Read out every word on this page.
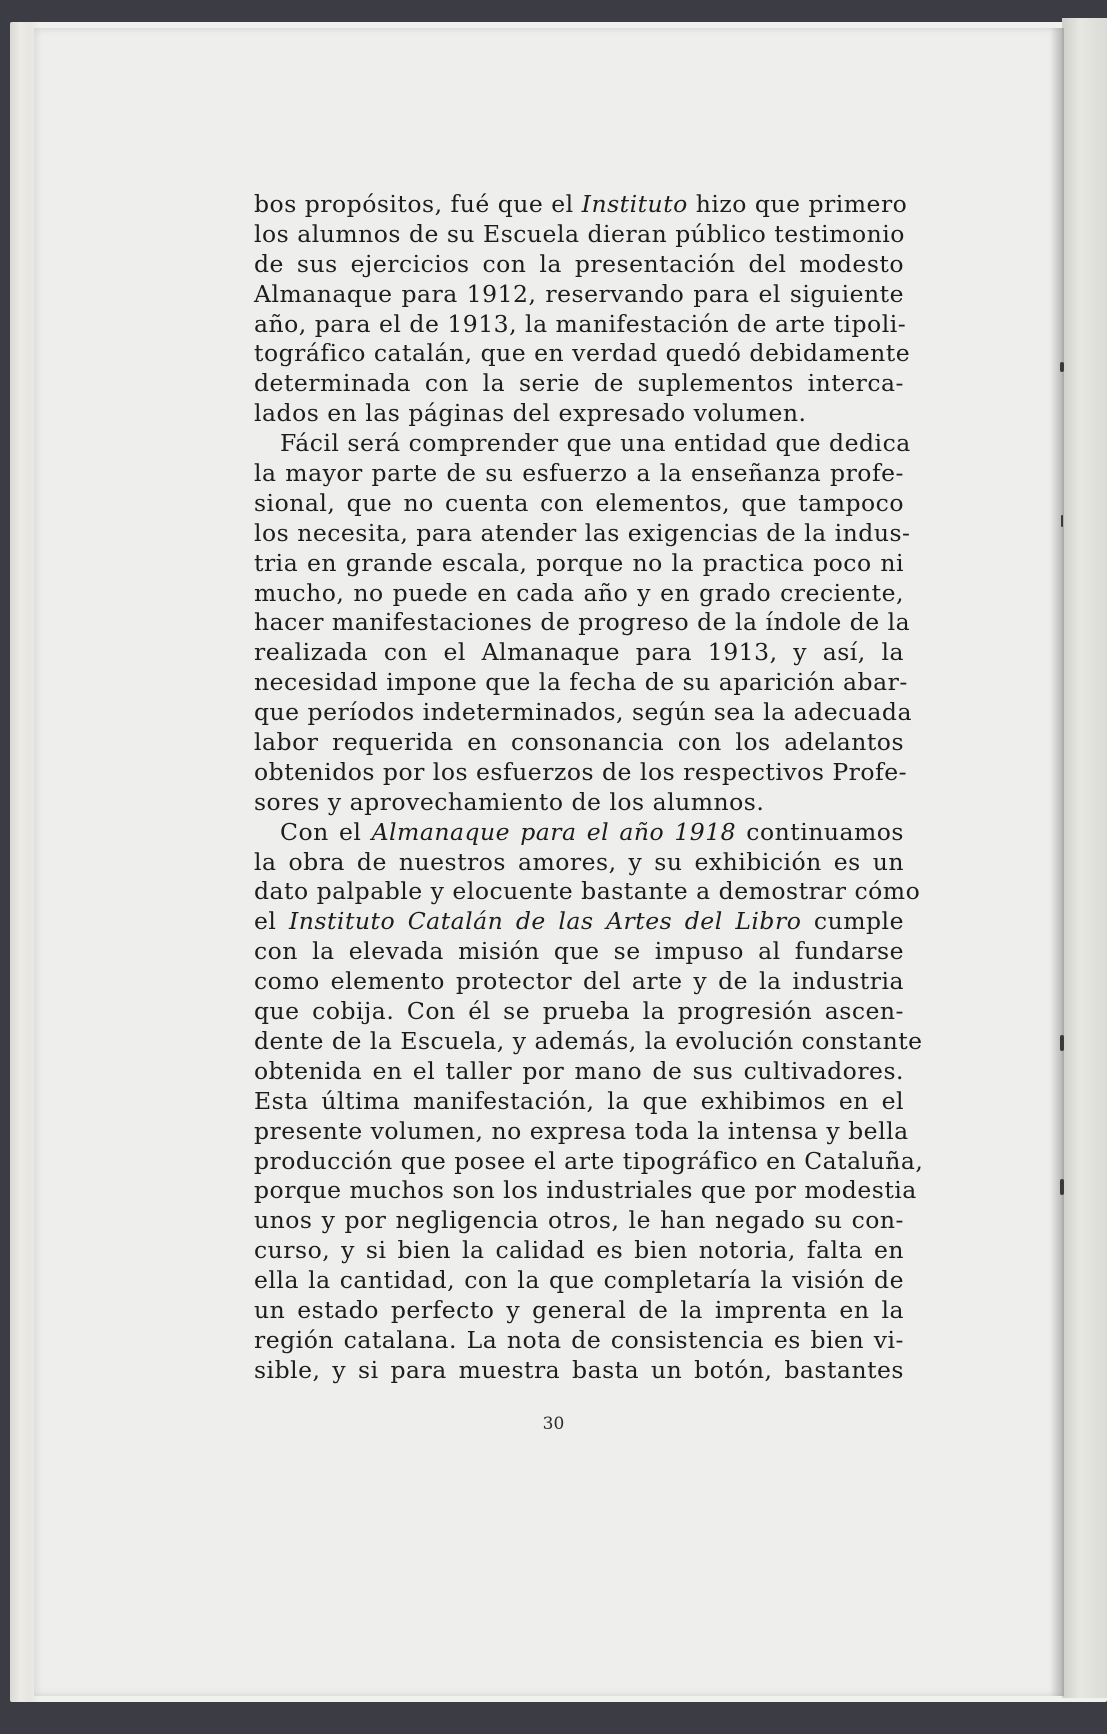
bos propósitos, fué que el Instituto hizo que primero
los alumnos de su Escuela dieran público testimonio
de sus ejercicios con la presentación del modesto
Almanaque para 1912, reservando para el siguiente
año, para el de 1913, la manifestación de arte tipoli-
tográfico catalán, que en verdad quedó debidamente
determinada con la serie de suplementos interca-
lados en las páginas del expresado volumen.
Fácil será comprender que una entidad que dedica
la mayor parte de su esfuerzo a la enseñanza profe-
sional, que no cuenta con elementos, que tampoco
los necesita, para atender las exigencias de la indus-
tria en grande escala, porque no la practica poco ni
mucho, no puede en cada año y en grado creciente,
hacer manifestaciones de progreso de la índole de la
realizada con el Almanaque para 1913, y así, la
necesidad impone que la fecha de su aparición abar-
que períodos indeterminados, según sea la adecuada
labor requerida en consonancia con los adelantos
obtenidos por los esfuerzos de los respectivos Profe-
sores y aprovechamiento de los alumnos.
Con el Almanaque para el año 1918 continuamos
la obra de nuestros amores, y su exhibición es un
dato palpable y elocuente bastante a demostrar cómo
el Instituto Catalán de las Artes del Libro cumple
con la elevada misión que se impuso al fundarse
como elemento protector del arte y de la industria
que cobija. Con él se prueba la progresión ascen-
dente de la Escuela, y además, la evolución constante
obtenida en el taller por mano de sus cultivadores.
Esta última manifestación, la que exhibimos en el
presente volumen, no expresa toda la intensa y bella
producción que posee el arte tipográfico en Cataluña,
porque muchos son los industriales que por modestia
unos y por negligencia otros, le han negado su con-
curso, y si bien la calidad es bien notoria, falta en
ella la cantidad, con la que completaría la visión de
un estado perfecto y general de la imprenta en la
región catalana. La nota de consistencia es bien vi-
sible, y si para muestra basta un botón, bastantes
30
